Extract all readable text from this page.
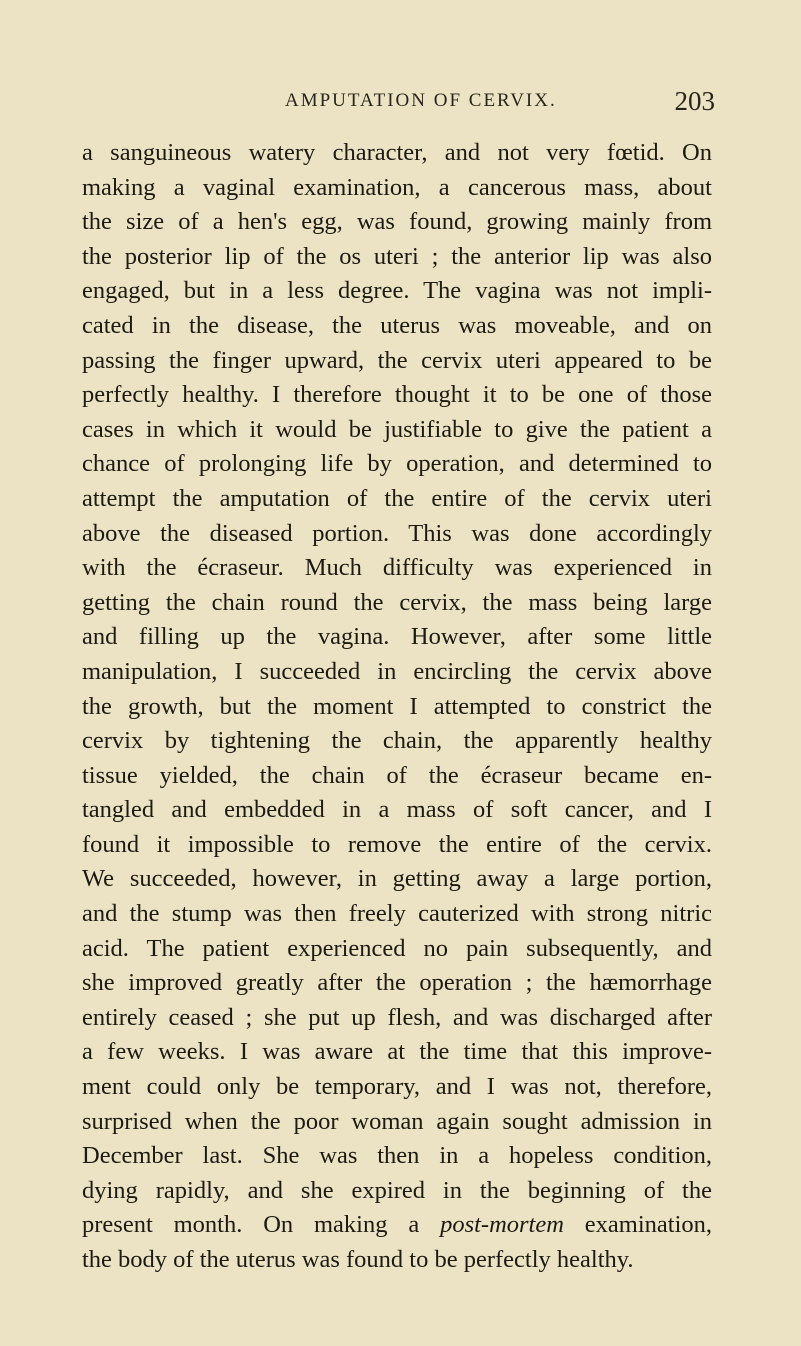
AMPUTATION OF CERVIX.	203
a sanguineous watery character, and not very fœtid. On
making a vaginal examination, a cancerous mass, about
the size of a hen's egg, was found, growing mainly from
the posterior lip of the os uteri ; the anterior lip was also
engaged, but in a less degree. The vagina was not impli-
cated in the disease, the uterus was moveable, and on
passing the finger upward, the cervix uteri appeared to be
perfectly healthy. I therefore thought it to be one of those
cases in which it would be justifiable to give the patient a
chance of prolonging life by operation, and determined to
attempt the amputation of the entire of the cervix uteri
above the diseased portion. This was done accordingly
with the écraseur. Much difficulty was experienced in
getting the chain round the cervix, the mass being large
and filling up the vagina. However, after some little
manipulation, I succeeded in encircling the cervix above
the growth, but the moment I attempted to constrict the
cervix by tightening the chain, the apparently healthy
tissue yielded, the chain of the écraseur became en-
tangled and embedded in a mass of soft cancer, and I
found it impossible to remove the entire of the cervix.
We succeeded, however, in getting away a large portion,
and the stump was then freely cauterized with strong nitric
acid. The patient experienced no pain subsequently, and
she improved greatly after the operation ; the hæmorrhage
entirely ceased ; she put up flesh, and was discharged after
a few weeks. I was aware at the time that this improve-
ment could only be temporary, and I was not, therefore,
surprised when the poor woman again sought admission in
December last. She was then in a hopeless condition,
dying rapidly, and she expired in the beginning of the
present month. On making a post-mortem examination,
the body of the uterus was found to be perfectly healthy.
